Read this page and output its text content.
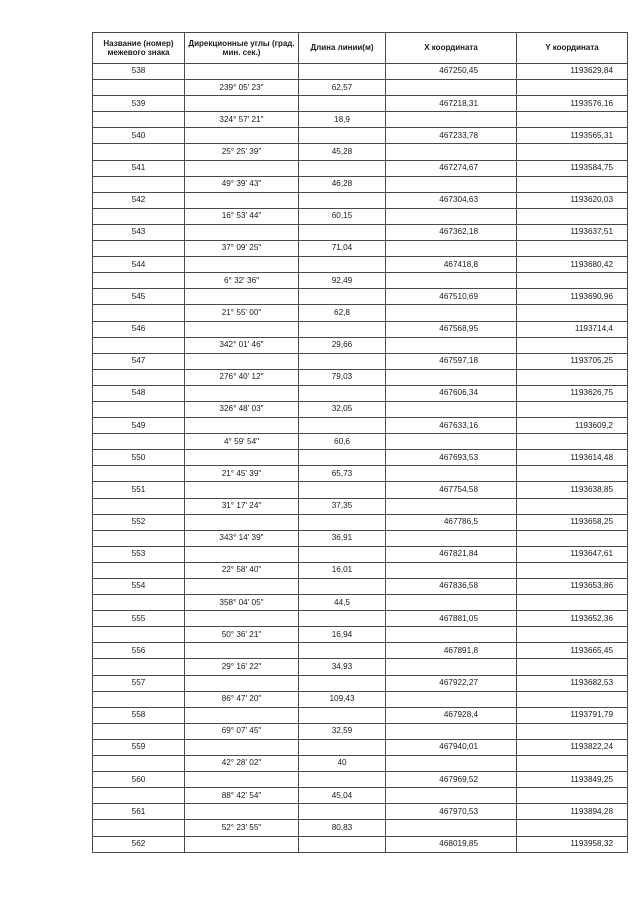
Название (номер) межевого знака	Дирекционные углы (град. мин. сек.)	Длина линии(м)	X координата	Y координата
538			467250,45	1193629,84
	239° 05' 23"	62,57		
539			467218,31	1193576,16
	324° 57' 21"	18,9		
540			467233,78	1193565,31
	25° 25' 39"	45,28		
541			467274,67	1193584,75
	49° 39' 43"	46,28		
542			467304,63	1193620,03
	16° 53' 44"	60,15		
543			467362,18	1193637,51
	37° 09' 25"	71,04		
544			467418,8	1193680,42
	6° 32' 36"	92,49		
545			467510,69	1193690,96
	21° 55' 00"	62,8		
546			467568,95	1193714,4
	342° 01' 46"	29,66		
547			467597,18	1193705,25
	276° 40' 12"	79,03		
548			467606,34	1193626,75
	326° 48' 03"	32,05		
549			467633,16	1193609,2
	4° 59' 54"	60,6		
550			467693,53	1193614,48
	21° 45' 39"	65,73		
551			467754,58	1193638,85
	31° 17' 24"	37,35		
552			467786,5	1193658,25
	343° 14' 39"	36,91		
553			467821,84	1193647,61
	22° 58' 40"	16,01		
554			467836,58	1193653,86
	358° 04' 05"	44,5		
555			467881,05	1193652,36
	50° 36' 21"	16,94		
556			467891,8	1193665,45
	29° 16' 22"	34,93		
557			467922,27	1193682,53
	86° 47' 20"	109,43		
558			467928,4	1193791,79
	69° 07' 45"	32,59		
559			467940,01	1193822,24
	42° 28' 02"	40		
560			467969,52	1193849,25
	88° 42' 54"	45,04		
561			467970,53	1193894,28
	52° 23' 55"	80,83		
562			468019,85	1193958,32
